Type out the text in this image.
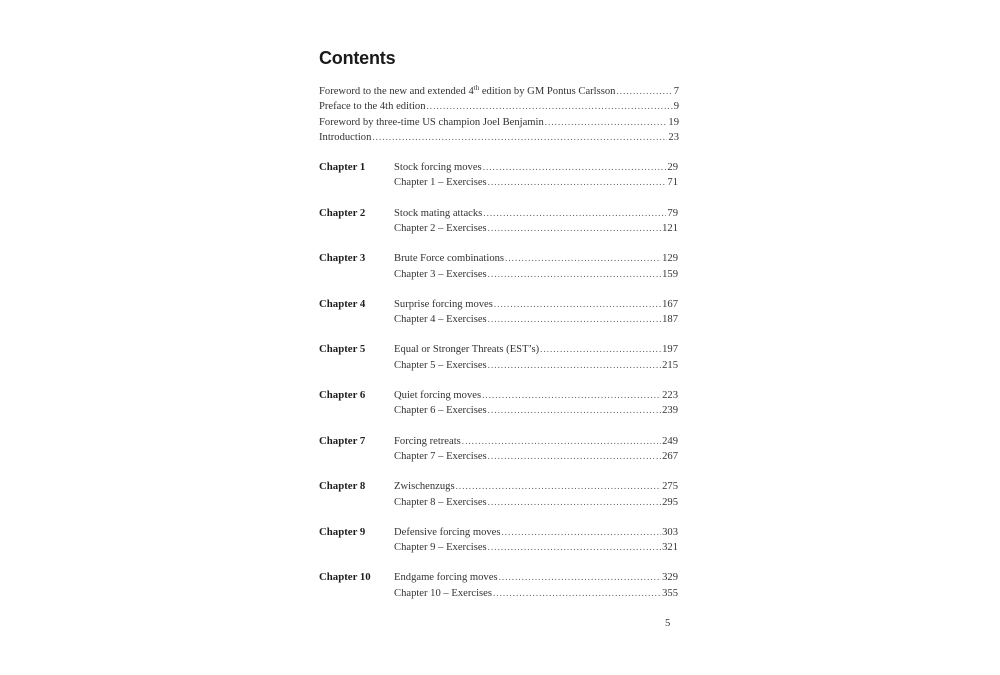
Contents
Foreword to the new and extended 4th edition by GM Pontus Carlsson . . .	7
Preface to the 4th edition . . .	9
Foreword by three-time US champion Joel Benjamin . . .	19
Introduction . . .	23
Chapter 1	Stock forcing moves . . .	29
Chapter 1 – Exercises . . .	71
Chapter 2	Stock mating attacks . . .	79
Chapter 2 – Exercises . . .	121
Chapter 3	Brute Force combinations . . .	129
Chapter 3 – Exercises . . .	159
Chapter 4	Surprise forcing moves . . .	167
Chapter 4 – Exercises . . .	187
Chapter 5	Equal or Stronger Threats (EST’s) . . .	197
Chapter 5 – Exercises . . .	215
Chapter 6	Quiet forcing moves . . .	223
Chapter 6 – Exercises . . .	239
Chapter 7	Forcing retreats . . .	249
Chapter 7 – Exercises . . .	267
Chapter 8	Zwischenzugs . . .	275
Chapter 8 – Exercises . . .	295
Chapter 9	Defensive forcing moves . . .	303
Chapter 9 – Exercises . . .	321
Chapter 10 Endgame forcing moves . . .	329
Chapter 10 – Exercises . . .	355
5
